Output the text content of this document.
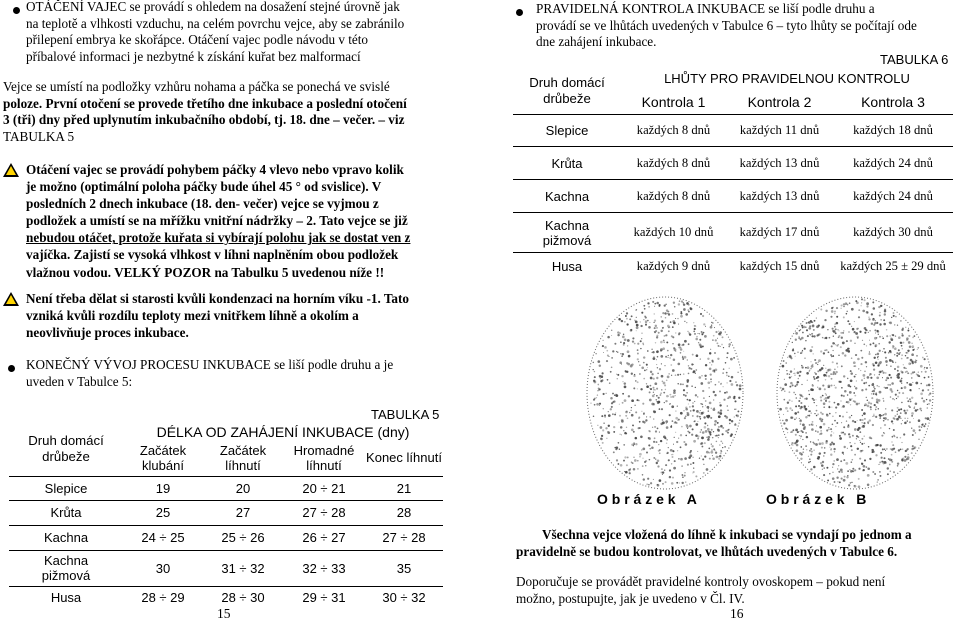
OTÁČENÍ VAJEC se provádí s ohledem na dosažení stejné úrovně jak
na teplotě a vlhkosti vzduchu, na celém povrchu vejce, aby se zabránilo
přilepení embrya ke skořápce. Otáčení vajec podle návodu v této
příbalové informaci je nezbytné k získání kuřat bez malformací
Vejce se umístí na podložky vzhůru nohama a páčka se ponechá ve svislé
poloze. První otočení se provede třetího dne inkubace a poslední otočení
3 (tři) dny před uplynutím inkubačního období, tj. 18. dne – večer. – viz
TABULKA 5
! Otáčení vajec se provádí pohybem páčky 4 vlevo nebo vpravo kolik
je možno (optimální poloha páčky bude úhel 45 ° od svislice). V
posledních 2 dnech inkubace (18. den- večer) vejce se vyjmou z
podložek a umístí se na mřížku vnitřní nádržky – 2. Tato vejce se již
nebudou otáčet, protože kuřata si vybírají polohu jak se dostat ven z
vajíčka. Zajistí se vysoká vlhkost v líhni naplněním obou podložek
vlažnou vodou. VELKÝ POZOR na Tabulku 5 uvedenou níže !!
! Není třeba dělat si starosti kvůli kondenzaci na horním víku -1. Tato
vzniká kvůli rozdílu teploty mezi vnitřkem líhně a okolím a
neovlivňuje proces inkubace.
KONEČNÝ VÝVOJ PROCESU INKUBACE se liší podle druhu a je
uveden v Tabulce 5:
TABULKA 5
Druh domácí drůbeže	DÉLKA OD ZAHÁJENÍ INKUBACE (dny)			
	Začátek klubání	Začátek líhnutí	Hromadné líhnutí	Konec líhnutí
Slepice	19	20	20 ÷ 21	21
Krůta	25	27	27 ÷ 28	28
Kachna	24 ÷ 25	25 ÷ 26	26 ÷ 27	27 ÷ 28
Kachna pižmová	30	31 ÷ 32	32 ÷ 33	35
Husa	28 ÷ 29	28 ÷ 30	29 ÷ 31	30 ÷ 32
15
PRAVIDELNÁ KONTROLA INKUBACE se liší podle druhu a
provádí se ve lhůtách uvedených v Tabulce 6 – tyto lhůty se počítají ode
dne zahájení inkubace.
TABULKA 6
Druh domácí drůbeže	LHŮTY PRO PRAVIDELNOU KONTROLU		
	Kontrola 1	Kontrola 2	Kontrola 3
Slepice	každých 8 dnů	každých 11 dnů	každých 18 dnů
Krůta	každých 8 dnů	každých 13 dnů	každých 24 dnů
Kachna	každých 8 dnů	každých 13 dnů	každých 24 dnů
Kachna pižmová	každých 10 dnů	každých 17 dnů	každých 30 dnů
Husa	každých 9 dnů	každých 15 dnů	každých 25 ± 29 dnů
O b r á z e k   A	O b r á z e k   B
Všechna vejce vložená do líhně k inkubaci se vyndají po jednom a
pravidelně se budou kontrolovat, ve lhůtách uvedených v Tabulce 6.
Doporučuje se provádět pravidelné kontroly ovoskopem – pokud není
možno, postupujte, jak je uvedeno v Čl. IV.
16
